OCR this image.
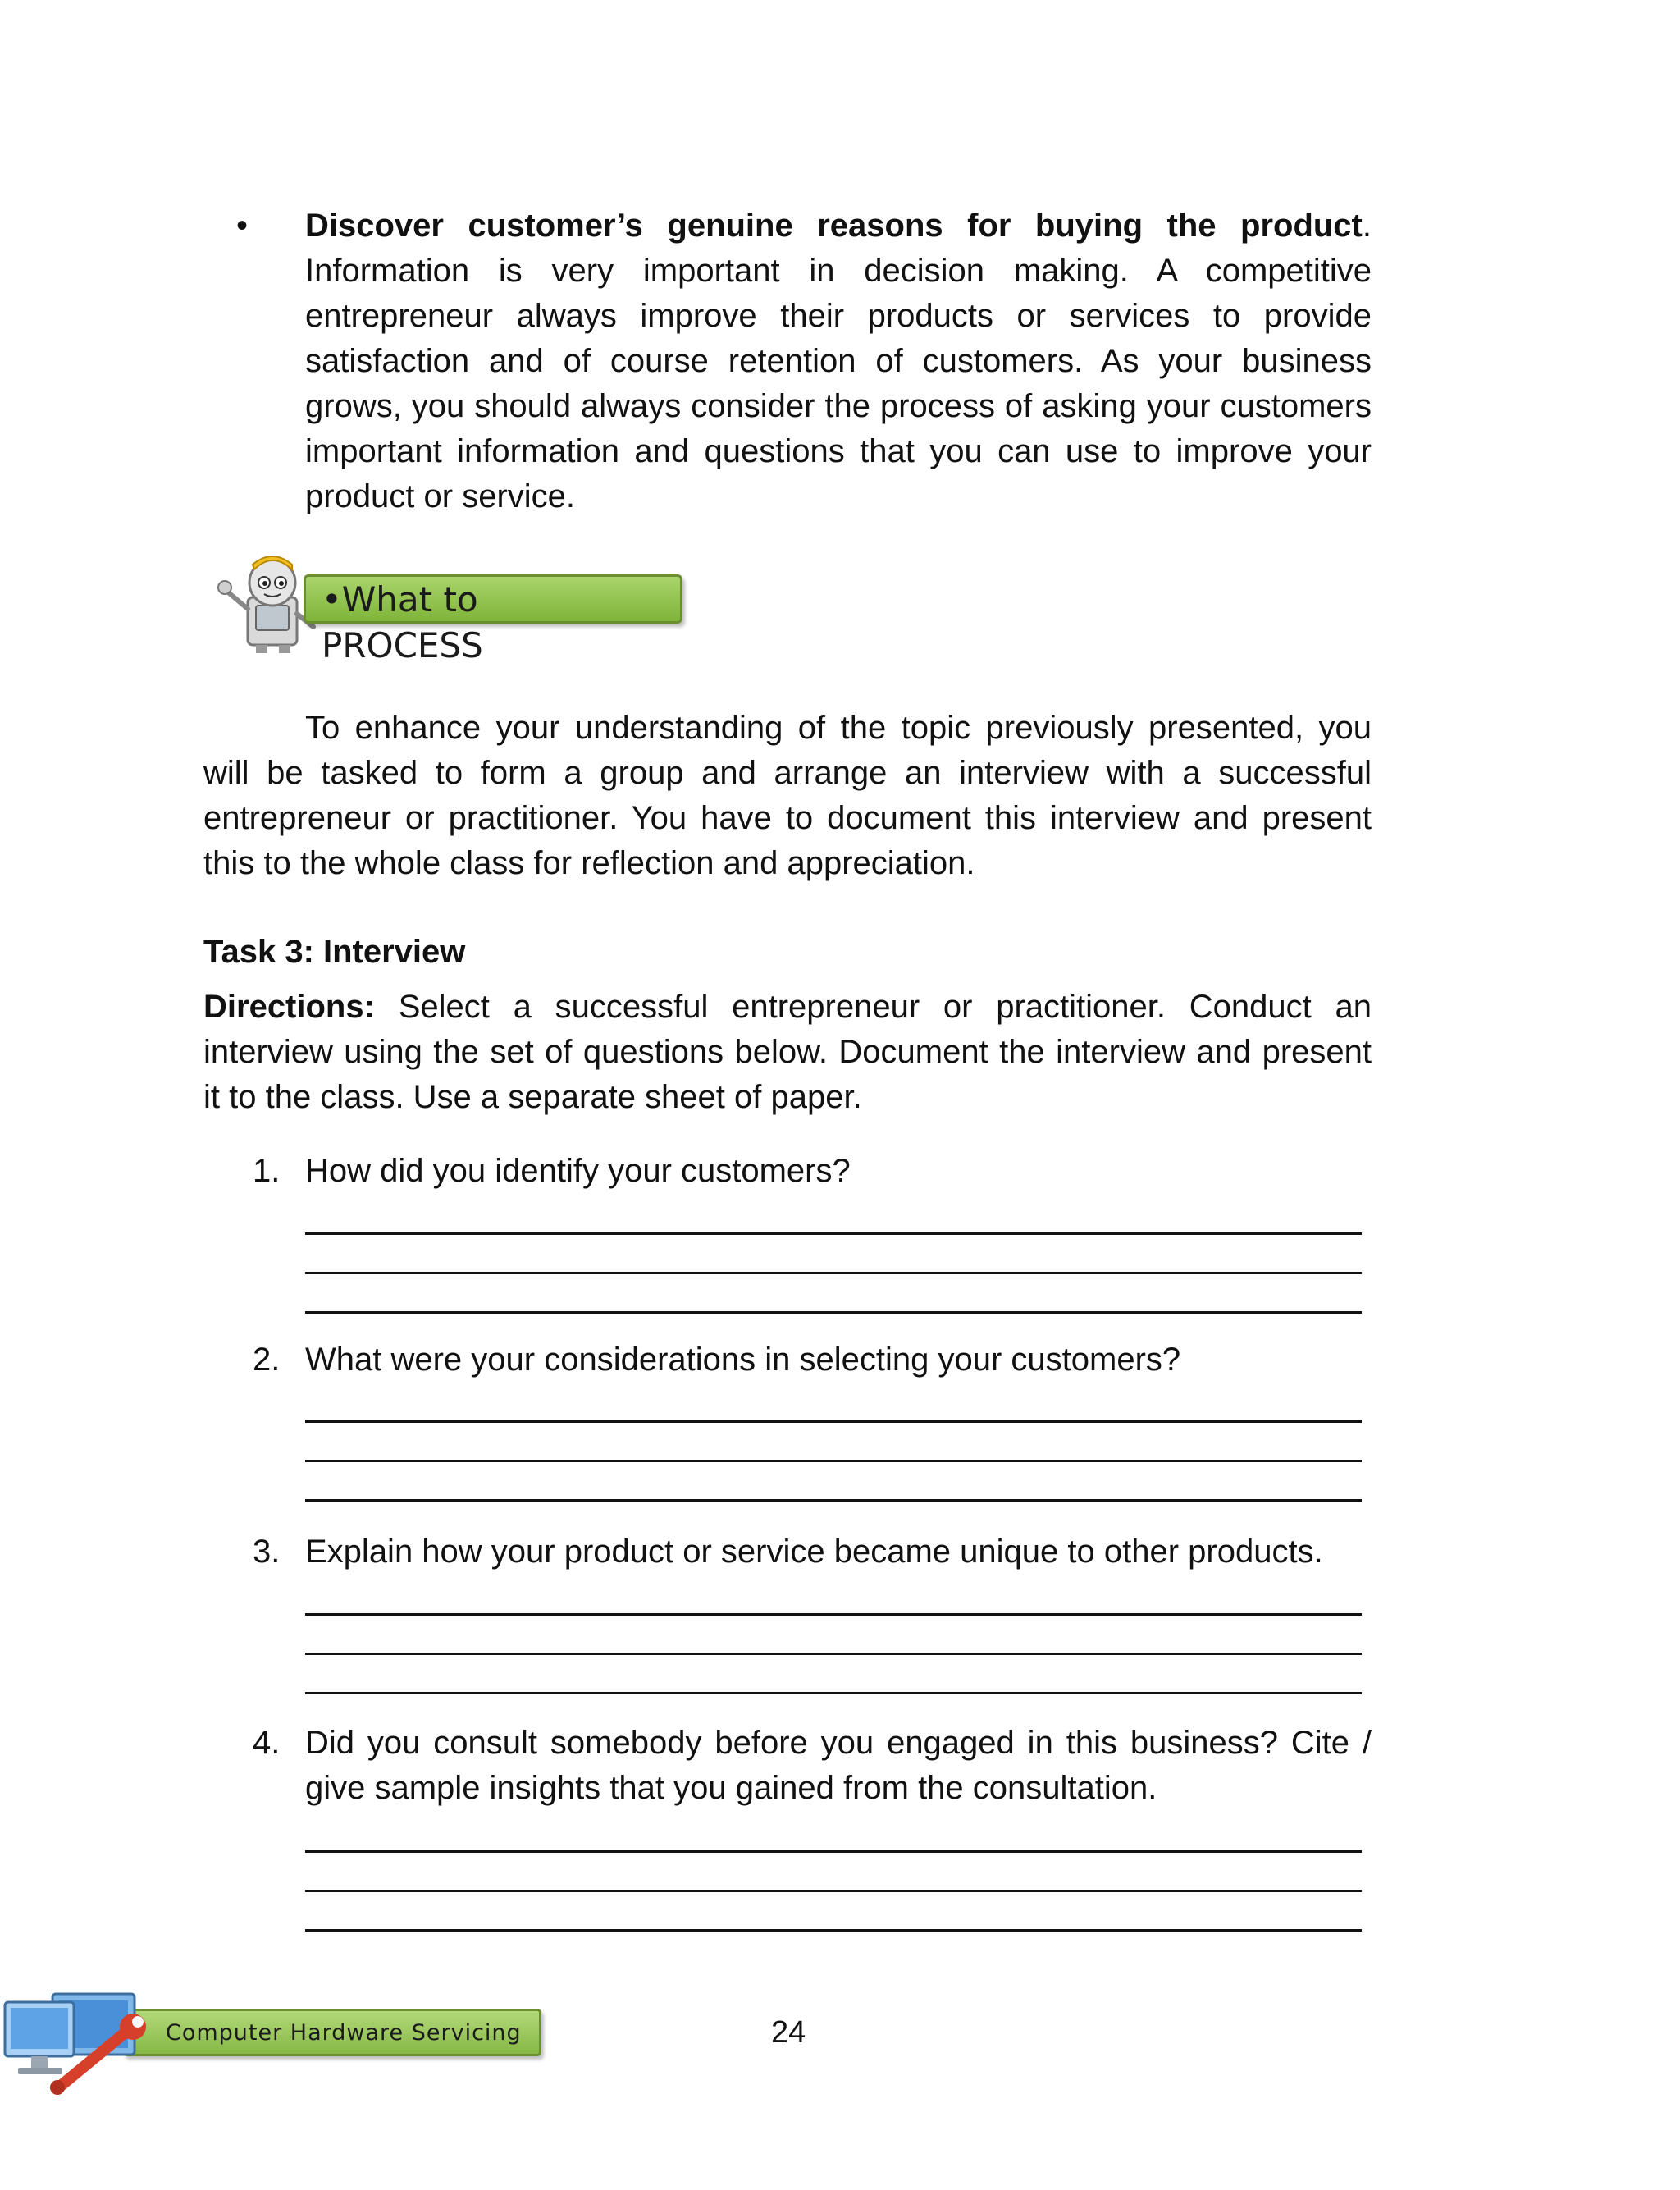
• Discover customer’s genuine reasons for buying the product. Information is very important in decision making. A competitive entrepreneur always improve their products or services to provide satisfaction and of course retention of customers. As your business grows, you should always consider the process of asking your customers important information and questions that you can use to improve your product or service.

•What to PROCESS

To enhance your understanding of the topic previously presented, you will be tasked to form a group and arrange an interview with a successful entrepreneur or practitioner. You have to document this interview and present this to the whole class for reflection and appreciation.

Task 3: Interview

Directions: Select a successful entrepreneur or practitioner. Conduct an interview using the set of questions below. Document the interview and present it to the class. Use a separate sheet of paper.

1. How did you identify your customers?

2. What were your considerations in selecting your customers?

3. Explain how your product or service became unique to other products.

4. Did you consult somebody before you engaged in this business? Cite / give sample insights that you gained from the consultation.

Computer Hardware Servicing	24
